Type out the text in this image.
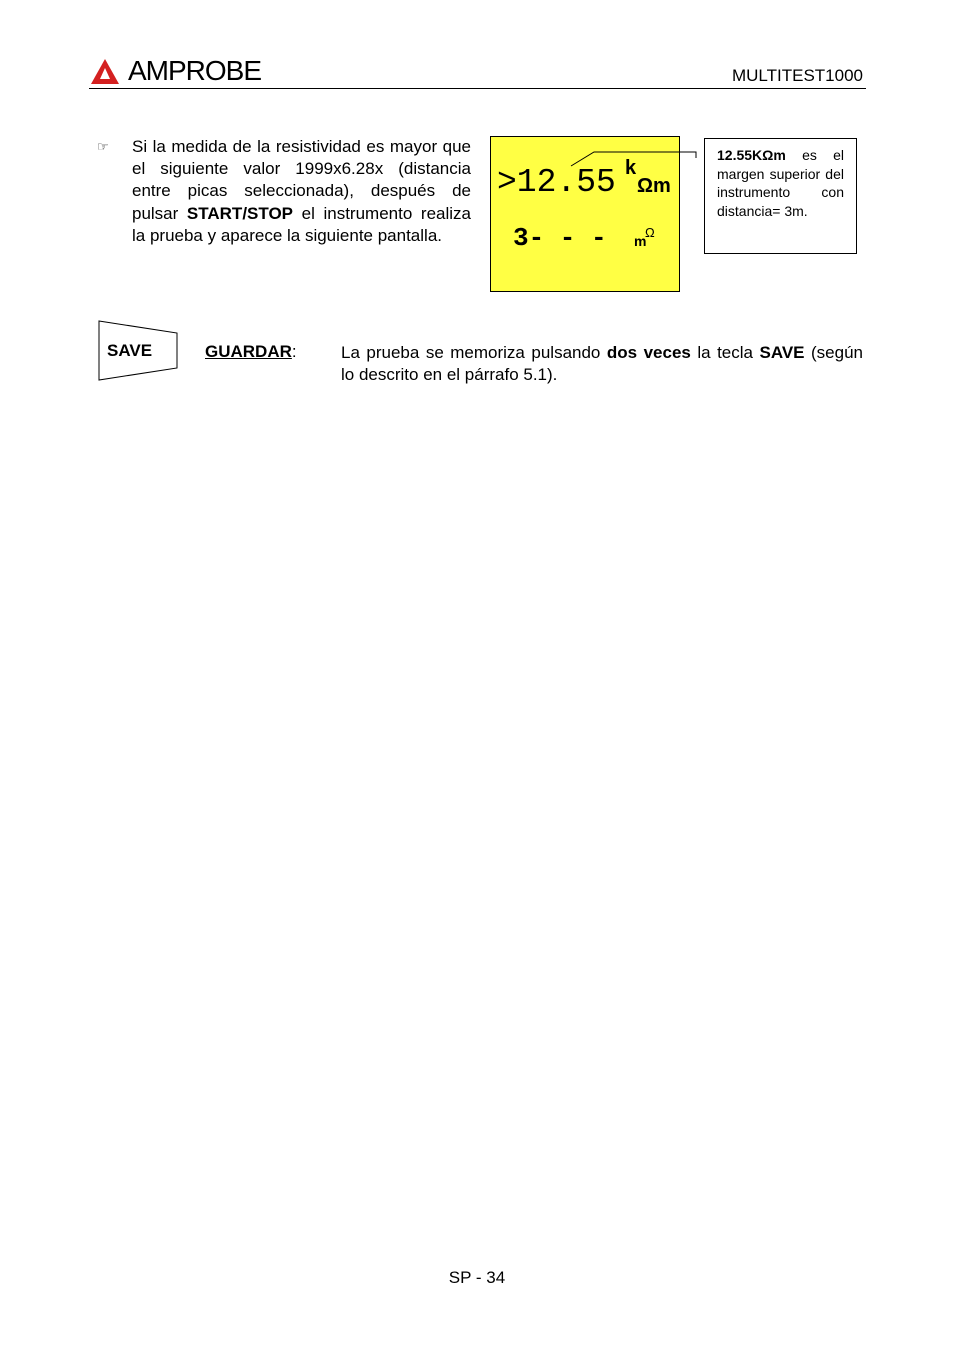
AMPROBE	MULTITEST1000
☞ Si la medida de la resistividad es mayor que el siguiente valor 1999x6.28x (distancia entre picas seleccionada), después de pulsar START/STOP el instrumento realiza la prueba y aparece la siguiente pantalla.
>12.55 k
Ωm
3- - - m
Ω
12.55KΩm es el margen superior del instrumento con distancia= 3m.
SAVE	GUARDAR:	La prueba se memoriza pulsando dos veces la tecla SAVE (según lo descrito en el párrafo 5.1).
SP - 34
